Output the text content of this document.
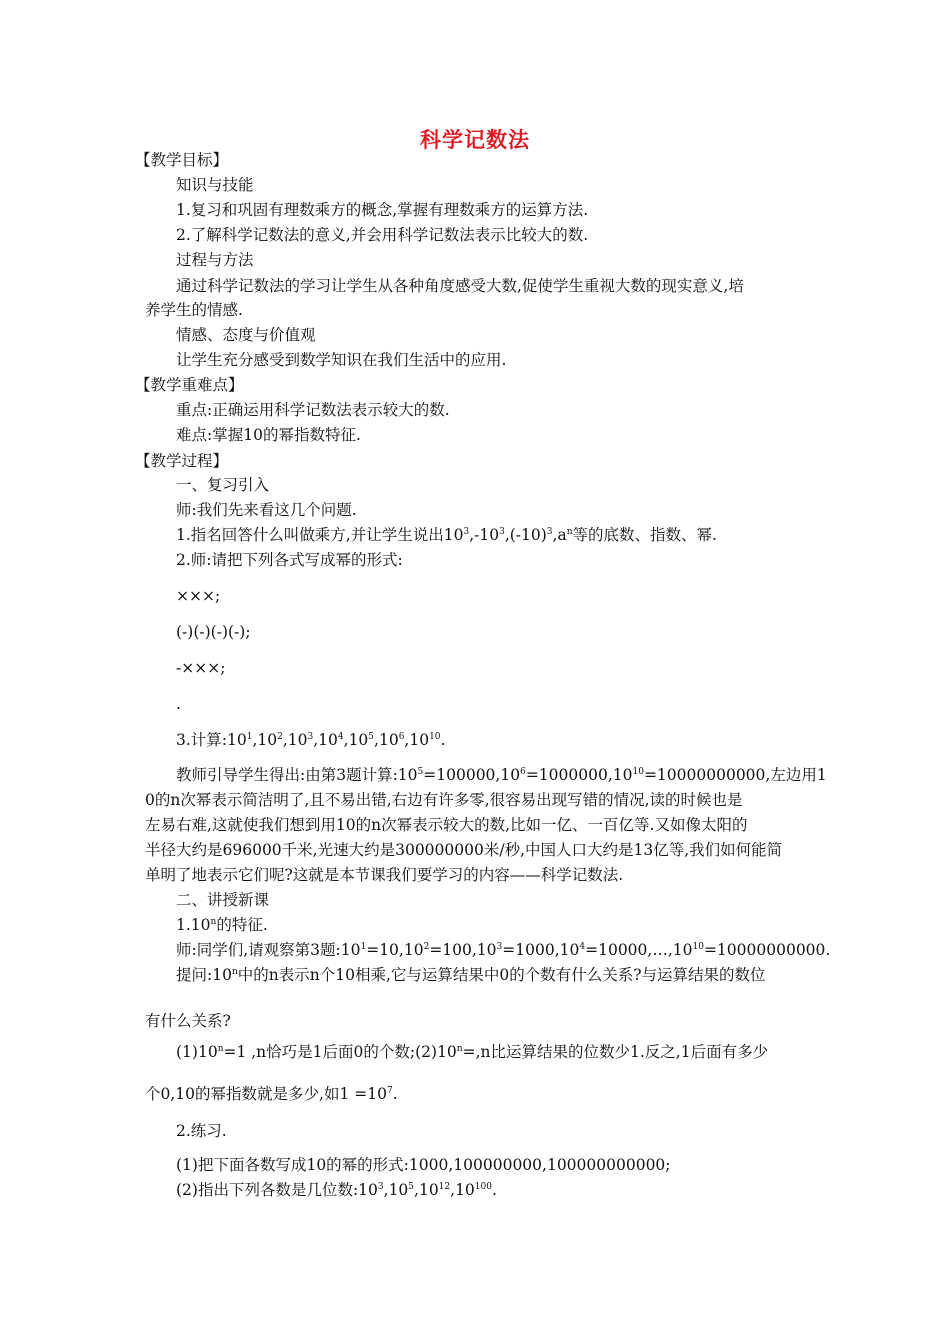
科学记数法
【教学目标】
知识与技能
1.复习和巩固有理数乘方的概念,掌握有理数乘方的运算方法.
2.了解科学记数法的意义,并会用科学记数法表示比较大的数.
过程与方法
通过科学记数法的学习让学生从各种角度感受大数,促使学生重视大数的现实意义,培
养学生的情感.
情感、态度与价值观
让学生充分感受到数学知识在我们生活中的应用.
【教学重难点】
重点:正确运用科学记数法表示较大的数.
难点:掌握10的幂指数特征.
【教学过程】
一、复习引入
师:我们先来看这几个问题.
1.指名回答什么叫做乘方,并让学生说出$10^3,-10^3,(-10)^3,a^n$等的底数、指数、幂.
2.师:请把下列各式写成幂的形式:
×××;
(-)(-)(-)(-);
-×××;
.
3.计算$:10^1,10^2,10^3,10^4,10^5,10^6,10^{10}$.
教师引导学生得出:由第3题计算$:10^5=100000,10^6=1000000,10^{10}=10000000000$,左边用1
0的n次幂表示简洁明了,且不易出错,右边有许多零,很容易出现写错的情况,读的时候也是
左易右难,这就使我们想到用10的n次幂表示较大的数,比如一亿、一百亿等.又如像太阳的
半径大约是696000千米,光速大约是300000000米/秒,中国人口大约是13亿等,我们如何能简
单明了地表示它们呢?这就是本节课我们要学习的内容——科学记数法.
二、讲授新课
1.10$^n$的特征.
师:同学们,请观察第3题$:10^1=10,10^2=100,10^3=1000,10^4=10000,\dots,10^{10}=10000000000$.
提问:10$^n$中的n表示n个10相乘,它与运算结果中0的个数有什么关系?与运算结果的数位
有什么关系?
$(1)10^n=1$ ,n恰巧是1后面0的个数$;(2)10^n=,n$比运算结果的位数少1.反之,1后面有多少
个0,10的幂指数就是多少,如$1 =10^7$.
2.练习.
(1)把下面各数写成10的幂的形式:1000,100000000,100000000000;
(2)指出下列各数是几位数$:10^3,10^5,10^{12},10^{100}$.
